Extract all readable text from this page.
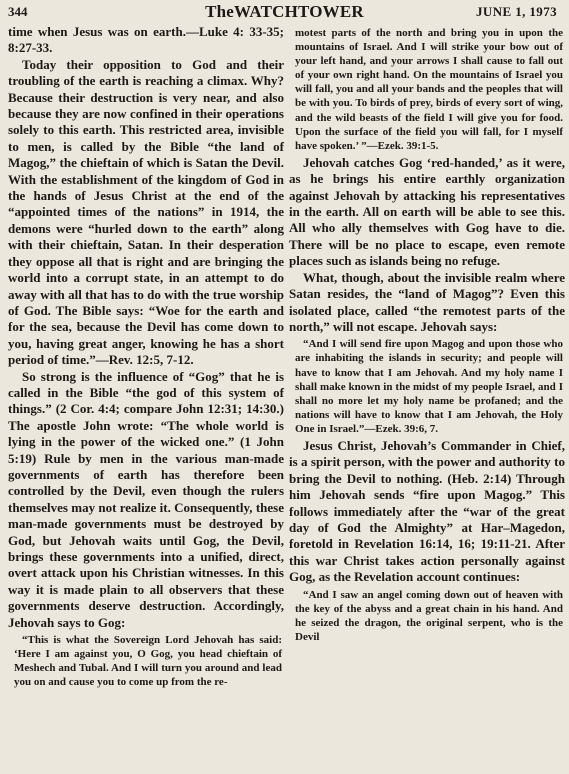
344	TheWATCHTOWER	JUNE 1, 1973

time when Jesus was on earth.—Luke 4: 33-35; 8:27-33.

Today their opposition to God and their troubling of the earth is reaching a climax. Why? Because their destruction is very near, and also because they are now confined in their operations solely to this earth. This restricted area, invisible to men, is called by the Bible “the land of Magog,” the chieftain of which is Satan the Devil. With the establishment of the kingdom of God in the hands of Jesus Christ at the end of the “appointed times of the nations” in 1914, the demons were “hurled down to the earth” along with their chieftain, Satan. In their desperation they oppose all that is right and are bringing the world into a corrupt state, in an attempt to do away with all that has to do with the true worship of God. The Bible says: “Woe for the earth and for the sea, because the Devil has come down to you, having great anger, knowing he has a short period of time.”—Rev. 12:5, 7-12.

So strong is the influence of “Gog” that he is called in the Bible “the god of this system of things.” (2 Cor. 4:4; compare John 12:31; 14:30.) The apostle John wrote: “The whole world is lying in the power of the wicked one.” (1 John 5:19) Rule by men in the various man-made governments of earth has therefore been controlled by the Devil, even though the rulers themselves may not realize it. Consequently, these man-made governments must be destroyed by God, but Jehovah waits until Gog, the Devil, brings these governments into a unified, direct, overt attack upon his Christian witnesses. In this way it is made plain to all observers that these governments deserve destruction. Accordingly, Jehovah says to Gog:

“This is what the Sovereign Lord Jehovah has said: ‘Here I am against you, O Gog, you head chieftain of Meshech and Tubal. And I will turn you around and lead you on and cause you to come up from the re-

motest parts of the north and bring you in upon the mountains of Israel. And I will strike your bow out of your left hand, and your arrows I shall cause to fall out of your own right hand. On the mountains of Israel you will fall, you and all your bands and the peoples that will be with you. To birds of prey, birds of every sort of wing, and the wild beasts of the field I will give you for food. Upon the surface of the field you will fall, for I myself have spoken.’ ”—Ezek. 39:1-5.

Jehovah catches Gog ‘red-handed,’ as it were, as he brings his entire earthly organization against Jehovah by attacking his representatives in the earth. All on earth will be able to see this. All who ally themselves with Gog have to die. There will be no place to escape, even remote places such as islands being no refuge.

What, though, about the invisible realm where Satan resides, the “land of Magog”? Even this isolated place, called “the remotest parts of the north,” will not escape. Jehovah says:

“And I will send fire upon Magog and upon those who are inhabiting the islands in security; and people will have to know that I am Jehovah. And my holy name I shall make known in the midst of my people Israel, and I shall no more let my holy name be profaned; and the nations will have to know that I am Jehovah, the Holy One in Israel.”—Ezek. 39:6, 7.

Jesus Christ, Jehovah’s Commander in Chief, is a spirit person, with the power and authority to bring the Devil to nothing. (Heb. 2:14) Through him Jehovah sends “fire upon Magog.” This follows immediately after the “war of the great day of God the Almighty” at Har–Magedon, foretold in Revelation 16:14, 16; 19:11-21. After this war Christ takes action personally against Gog, as the Revelation account continues:

“And I saw an angel coming down out of heaven with the key of the abyss and a great chain in his hand. And he seized the dragon, the original serpent, who is the Devil
